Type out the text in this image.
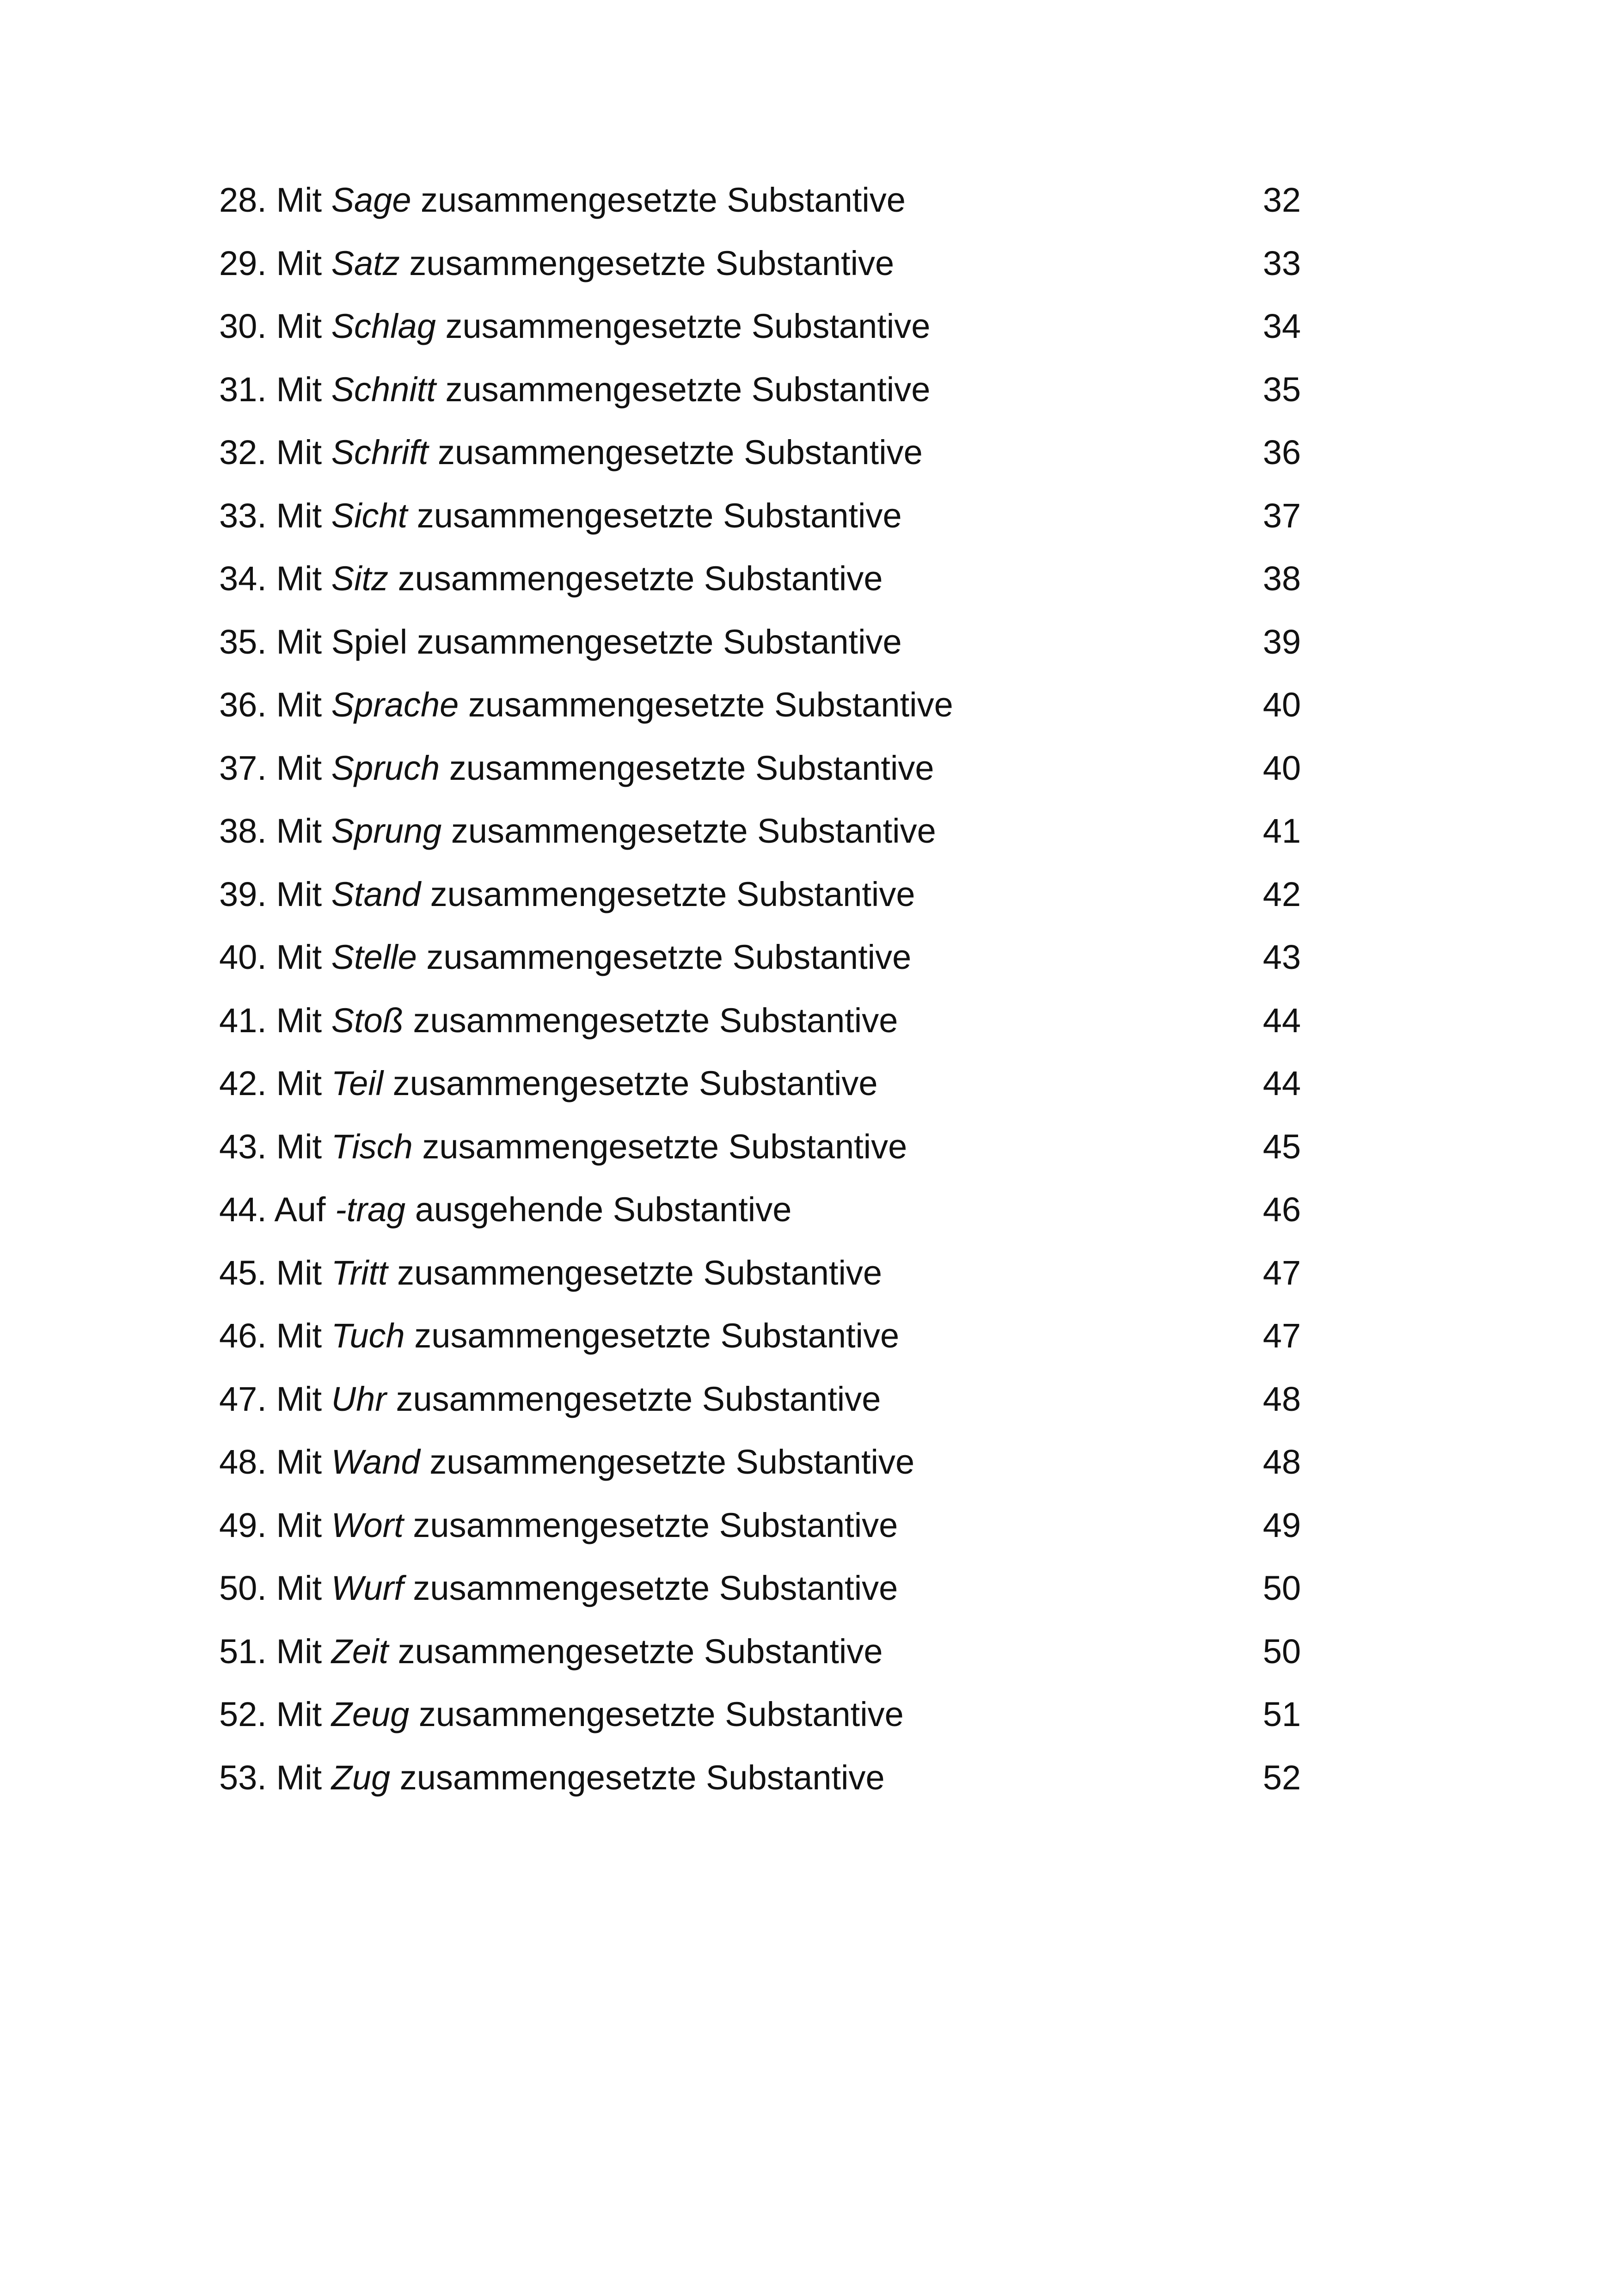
28. Mit Sage zusammengesetzte Substantive	32
29. Mit Satz zusammengesetzte Substantive	33
30. Mit Schlag zusammengesetzte Substantive	34
31. Mit Schnitt zusammengesetzte Substantive	35
32. Mit Schrift zusammengesetzte Substantive	36
33. Mit Sicht zusammengesetzte Substantive	37
34. Mit Sitz zusammengesetzte Substantive	38
35. Mit Spiel zusammengesetzte Substantive	39
36. Mit Sprache zusammengesetzte Substantive	40
37. Mit Spruch zusammengesetzte Substantive	40
38. Mit Sprung zusammengesetzte Substantive	41
39. Mit Stand zusammengesetzte Substantive	42
40. Mit Stelle zusammengesetzte Substantive	43
41. Mit Stoß zusammengesetzte Substantive	44
42. Mit Teil zusammengesetzte Substantive	44
43. Mit Tisch zusammengesetzte Substantive	45
44. Auf -trag ausgehende Substantive	46
45. Mit Tritt zusammengesetzte Substantive	47
46. Mit Tuch zusammengesetzte Substantive	47
47. Mit Uhr zusammengesetzte Substantive	48
48. Mit Wand zusammengesetzte Substantive	48
49. Mit Wort zusammengesetzte Substantive	49
50. Mit Wurf zusammengesetzte Substantive	50
51. Mit Zeit zusammengesetzte Substantive	50
52. Mit Zeug zusammengesetzte Substantive	51
53. Mit Zug zusammengesetzte Substantive	52
